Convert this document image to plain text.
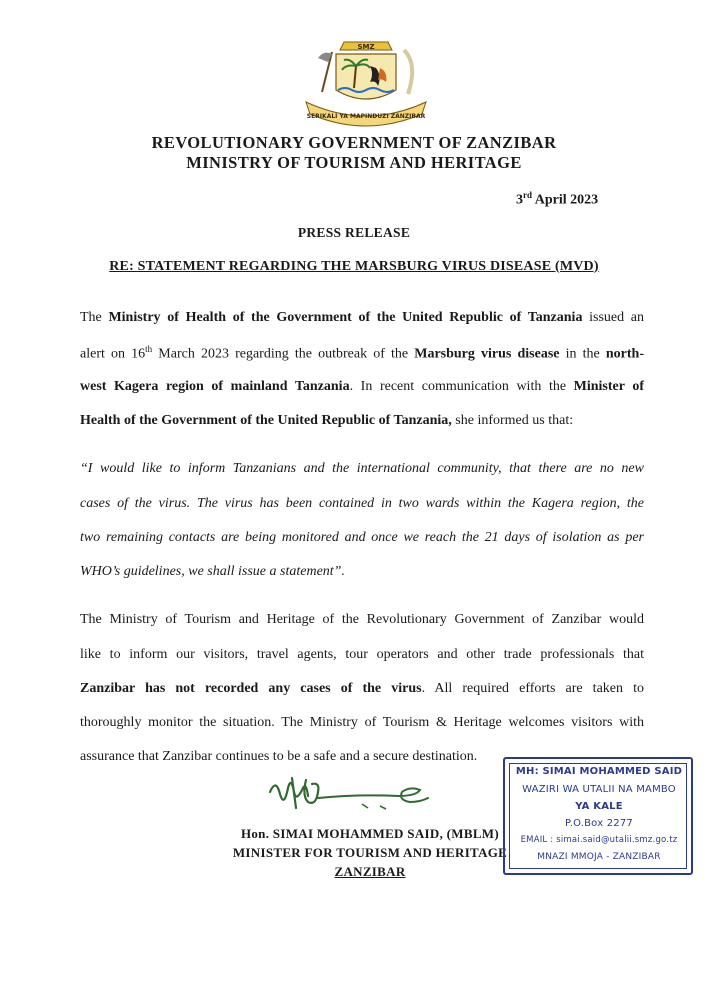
SMZ
SERIKALI YA MAPINDUZI ZANZIBAR
REVOLUTIONARY GOVERNMENT OF ZANZIBAR
MINISTRY OF TOURISM AND HERITAGE
3rd April 2023
PRESS RELEASE
RE: STATEMENT REGARDING THE MARSBURG VIRUS DISEASE (MVD)
The Ministry of Health of the Government of the United Republic of Tanzania issued an
alert on 16th March 2023 regarding the outbreak of the Marsburg virus disease in the north-
west Kagera region of mainland Tanzania. In recent communication with the Minister of
Health of the Government of the United Republic of Tanzania, she informed us that:
“I would like to inform Tanzanians and the international community, that there are no new
cases of the virus. The virus has been contained in two wards within the Kagera region, the
two remaining contacts are being monitored and once we reach the 21 days of isolation as per
WHO’s guidelines, we shall issue a statement”.
The Ministry of Tourism and Heritage of the Revolutionary Government of Zanzibar would
like to inform our visitors, travel agents, tour operators and other trade professionals that
Zanzibar has not recorded any cases of the virus. All required efforts are taken to
thoroughly monitor the situation. The Ministry of Tourism & Heritage welcomes visitors with
assurance that Zanzibar continues to be a safe and a secure destination.
Hon. SIMAI MOHAMMED SAID, (MBLM)
MINISTER FOR TOURISM AND HERITAGE
ZANZIBAR
MH: SIMAI MOHAMMED SAID
WAZIRI WA UTALII NA MAMBO
YA KALE
P.O.Box 2277
EMAIL : simai.said@utalii.smz.go.tz
MNAZI MMOJA - ZANZIBAR
